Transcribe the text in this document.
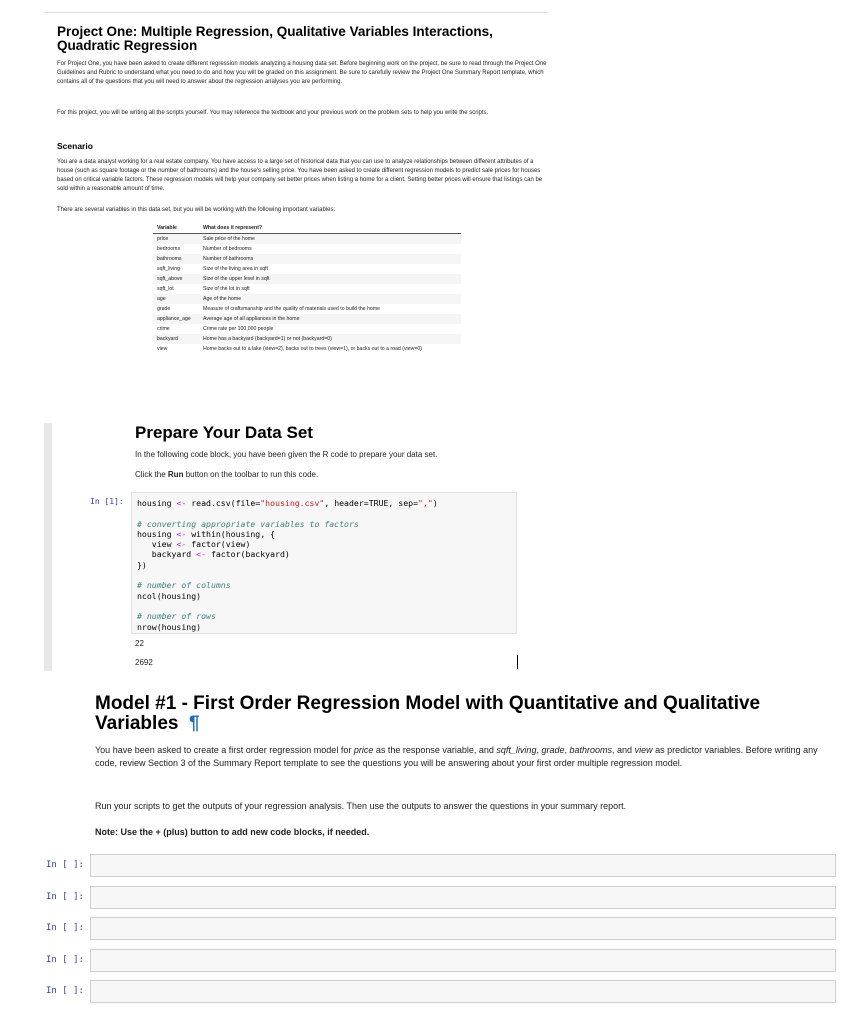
Project One: Multiple Regression, Qualitative Variables Interactions, Quadratic Regression

For Project One, you have been asked to create different regression models analyzing a housing data set. Before beginning work on the project, be sure to read through the Project One Guidelines and Rubric to understand what you need to do and how you will be graded on this assignment. Be sure to carefully review the Project One Summary Report template, which contains all of the questions that you will need to answer about the regression analyses you are performing.

For this project, you will be writing all the scripts yourself. You may reference the textbook and your previous work on the problem sets to help you write the scripts.

Scenario

You are a data analyst working for a real estate company. You have access to a large set of historical data that you can use to analyze relationships between different attributes of a house (such as square footage or the number of bathrooms) and the house's selling price. You have been asked to create different regression models to predict sale prices for houses based on critical variable factors. These regression models will help your company set better prices when listing a home for a client. Setting better prices will ensure that listings can be sold within a reasonable amount of time.

There are several variables in this data set, but you will be working with the following important variables:

Variable	What does it represent?
price	Sale price of the home
bedrooms	Number of bedrooms
bathrooms	Number of bathrooms
sqft_living	Size of the living area in sqft
sqft_above	Size of the upper level in sqft
sqft_lot	Size of the lot in sqft
age	Age of the home
grade	Measure of craftsmanship and the quality of materials used to build the home
appliance_age	Average age of all appliances in the home
crime	Crime rate per 100,000 people
backyard	Home has a backyard (backyard=1) or not (backyard=0)
view	Home backs out to a lake (view=2), backs out to trees (view=1), or backs out to a road (view=0)
Prepare Your Data Set

In the following code block, you have been given the R code to prepare your data set.

Click the Run button on the toolbar to run this code.

In [1]:	housing <- read.csv(file="housing.csv", header=TRUE, sep=",")

# converting appropriate variables to factors
housing <- within(housing, {
view <- factor(view)
backyard <- factor(backyard)
})

# number of columns
ncol(housing)

# number of rows
nrow(housing)
22
2692
Model #1 - First Order Regression Model with Quantitative and Qualitative Variables ¶

You have been asked to create a first order regression model for price as the response variable, and sqft_living, grade, bathrooms, and view as predictor variables. Before writing any code, review Section 3 of the Summary Report template to see the questions you will be answering about your first order multiple regression model.

Run your scripts to get the outputs of your regression analysis. Then use the outputs to answer the questions in your summary report.

Note: Use the + (plus) button to add new code blocks, if needed.

In [ ]:
In [ ]:
In [ ]:
In [ ]:
In [ ]:
